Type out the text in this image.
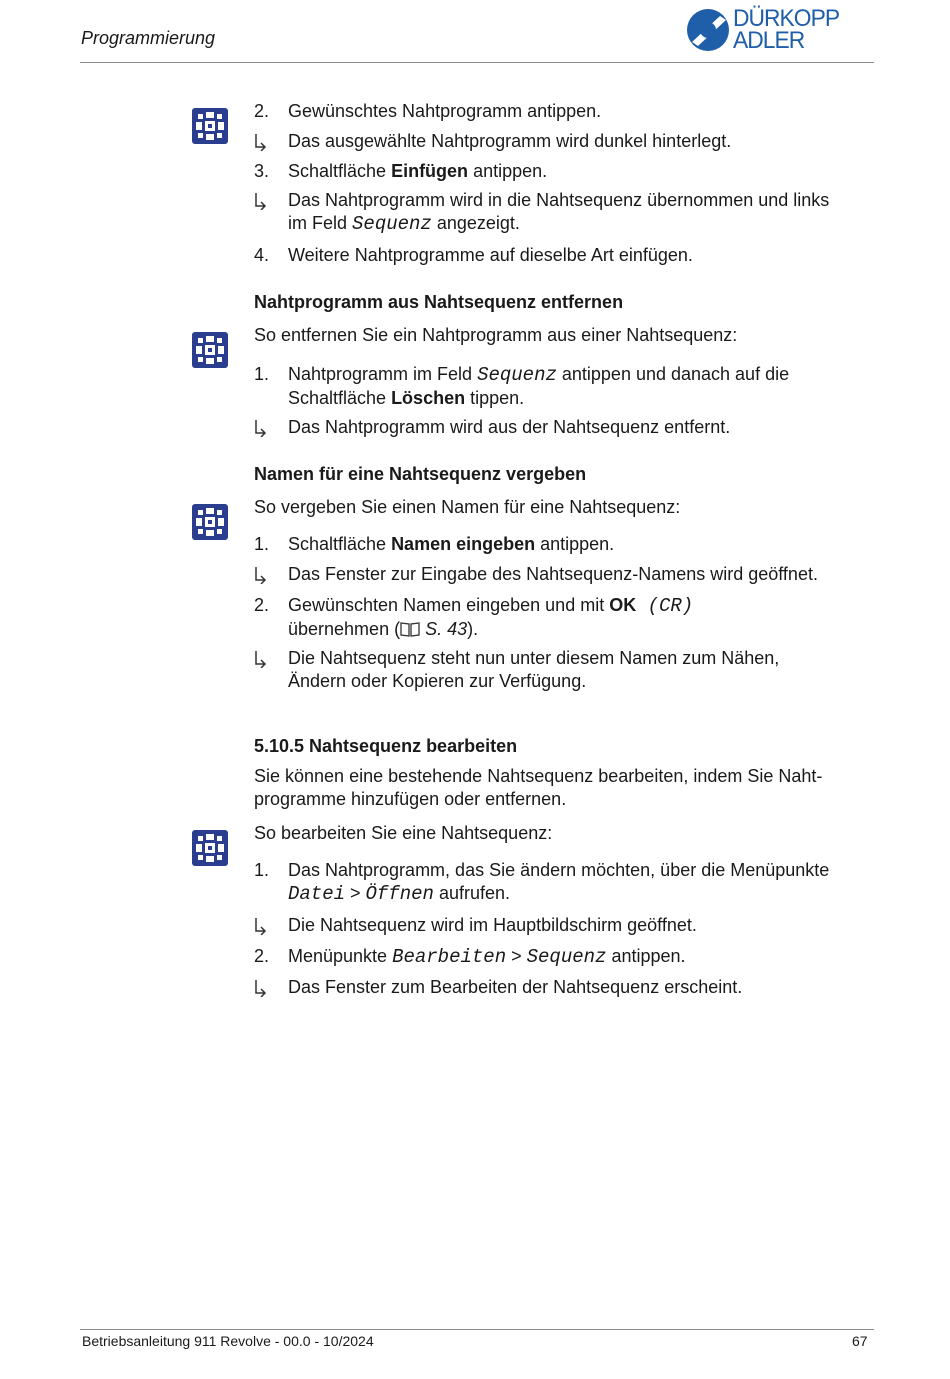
Programmierung
DÜRKOPP
ADLER
2.	Gewünschtes Nahtprogramm antippen.
Das ausgewählte Nahtprogramm wird dunkel hinterlegt.
3.	Schaltfläche Einfügen antippen.
Das Nahtprogramm wird in die Nahtsequenz übernommen und links
im Feld Sequenz angezeigt.
4.	Weitere Nahtprogramme auf dieselbe Art einfügen.
Nahtprogramm aus Nahtsequenz entfernen
So entfernen Sie ein Nahtprogramm aus einer Nahtsequenz:
1.	Nahtprogramm im Feld Sequenz antippen und danach auf die
Schaltfläche Löschen tippen.
Das Nahtprogramm wird aus der Nahtsequenz entfernt.
Namen für eine Nahtsequenz vergeben
So vergeben Sie einen Namen für eine Nahtsequenz:
1.	Schaltfläche Namen eingeben antippen.
Das Fenster zur Eingabe des Nahtsequenz-Namens wird geöffnet.
2.	Gewünschten Namen eingeben und mit OK (CR)
übernehmen ( S. 43).
Die Nahtsequenz steht nun unter diesem Namen zum Nähen,
Ändern oder Kopieren zur Verfügung.
5.10.5 Nahtsequenz bearbeiten
Sie können eine bestehende Nahtsequenz bearbeiten, indem Sie Naht-
programme hinzufügen oder entfernen.
So bearbeiten Sie eine Nahtsequenz:
1.	Das Nahtprogramm, das Sie ändern möchten, über die Menüpunkte
Datei > Öffnen aufrufen.
Die Nahtsequenz wird im Hauptbildschirm geöffnet.
2.	Menüpunkte Bearbeiten > Sequenz antippen.
Das Fenster zum Bearbeiten der Nahtsequenz erscheint.
Betriebsanleitung 911 Revolve - 00.0 - 10/2024	67
